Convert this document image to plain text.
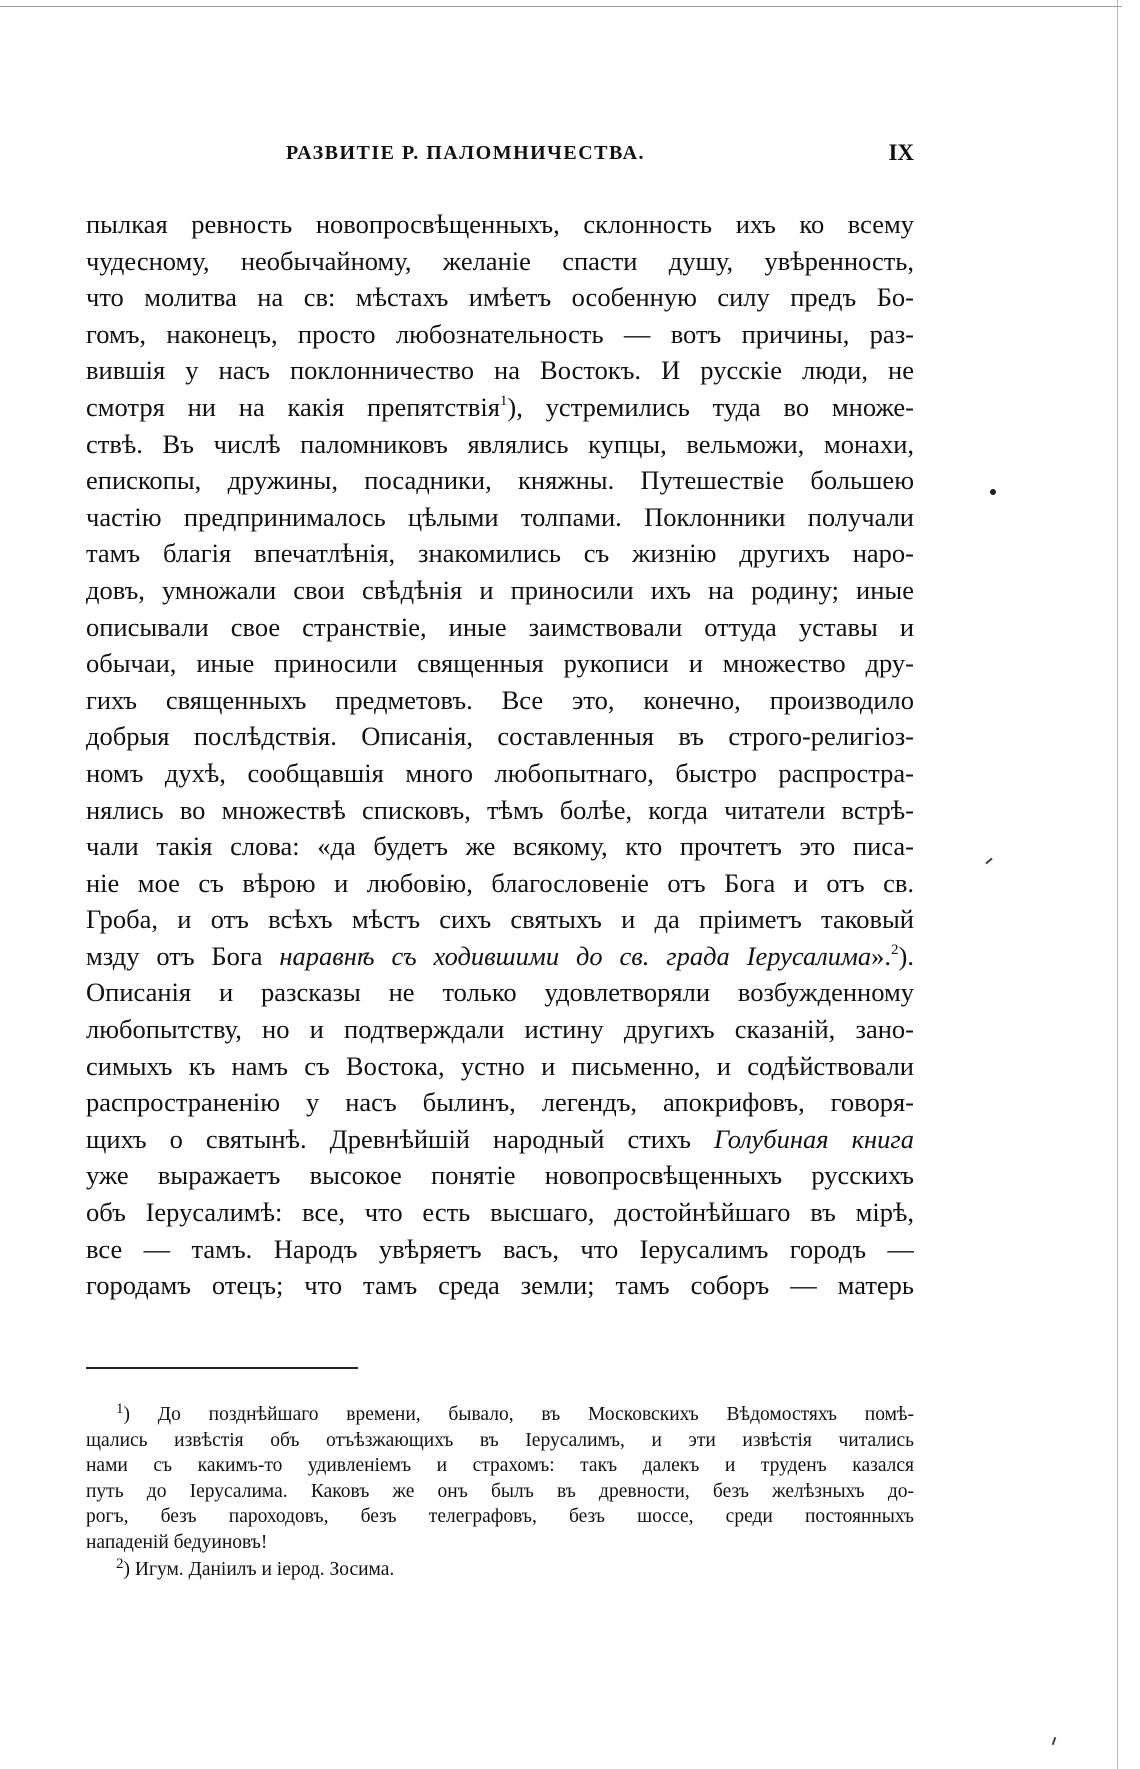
РАЗВИТІЕ Р. ПАЛОМНИЧЕСТВА.	IX
пылкая ревность новопросвѣщенныхъ, склонность ихъ ко всему
чудесному, необычайному, желаніе спасти душу, увѣренность,
что молитва на св: мѣстахъ имѣетъ особенную силу предъ Бо-
гомъ, наконецъ, просто любознательность — вотъ причины, раз-
вившія у насъ поклонничество на Востокъ. И русскіе люди, не
смотря ни на какія препятствія$^1$), устремились туда во множе-
ствѣ. Въ числѣ паломниковъ являлись купцы, вельможи, монахи,
епископы, дружины, посадники, княжны. Путешествіе большею
частію предпринималось цѣлыми толпами. Поклонники получали
тамъ благія впечатлѣнія, знакомились съ жизнію другихъ наро-
довъ, умножали свои свѣдѣнія и приносили ихъ на родину; иные
описывали свое странствіе, иные заимствовали оттуда уставы и
обычаи, иные приносили священныя рукописи и множество дру-
гихъ священныхъ предметовъ. Все это, конечно, производило
добрыя послѣдствія. Описанія, составленныя въ строго-религіоз-
номъ духѣ, сообщавшія много любопытнаго, быстро распростра-
нялись во множествѣ списковъ, тѣмъ болѣе, когда читатели встрѣ-
чали такія слова: «да будетъ же всякому, кто прочтетъ это писа-
ніе мое съ вѣрою и любовію, благословеніе отъ Бога и отъ св.
Гроба, и отъ всѣхъ мѣстъ сихъ святыхъ и да пріиметъ таковый
мзду отъ Бога наравнѣ съ ходившими до св. града Іерусалима».$^2$).
Описанія и разсказы не только удовлетворяли возбужденному
любопытству, но и подтверждали истину другихъ сказаній, зано-
симыхъ къ намъ съ Востока, устно и письменно, и содѣйствовали
распространенію у насъ былинъ, легендъ, апокрифовъ, говоря-
щихъ о святынѣ. Древнѣйшій народный стихъ Голубиная книга
уже выражаетъ высокое понятіе новопросвѣщенныхъ русскихъ
объ Іерусалимѣ: все, что есть высшаго, достойнѣйшаго въ мірѣ,
все — тамъ. Народъ увѣряетъ васъ, что Іерусалимъ городъ —
городамъ отецъ; что тамъ среда земли; тамъ соборъ — матерь
$^1$) До позднѣйшаго времени, бывало, въ Московскихъ Вѣдомостяхъ помѣ-
щались извѣстія объ отъѣзжающихъ въ Іерусалимъ, и эти извѣстія читались
нами съ какимъ-то удивленіемъ и страхомъ: такъ далекъ и труденъ казался
путь до Іерусалима. Каковъ же онъ былъ въ древности, безъ желѣзныхъ до-
рогъ, безъ пароходовъ, безъ телеграфовъ, безъ шоссе, среди постоянныхъ
нападеній бедуиновъ!
$^2$) Игум. Даніилъ и іерод. Зосима.
